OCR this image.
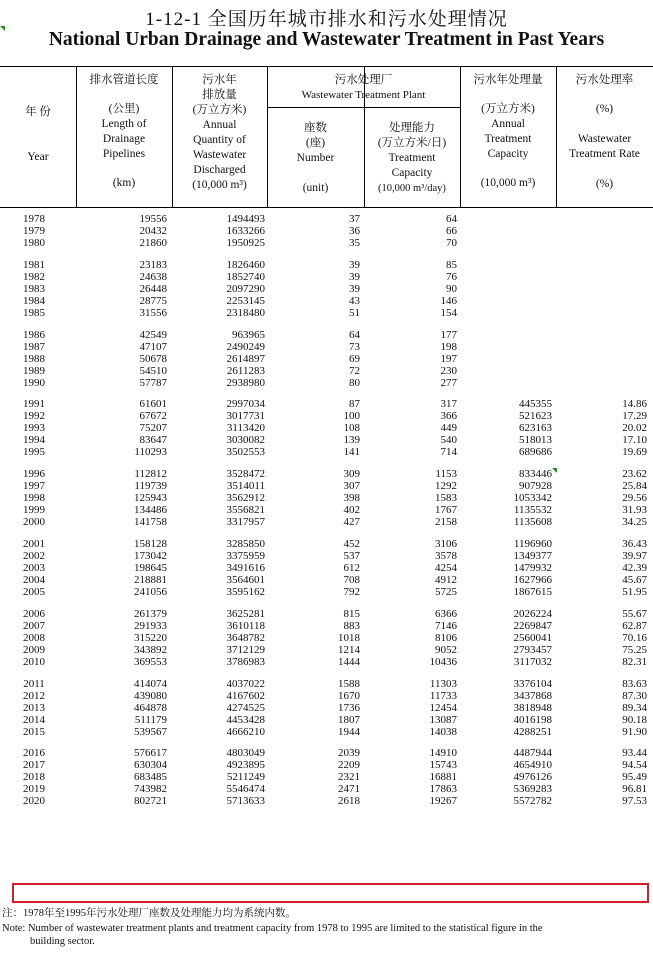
1-12-1 全国历年城市排水和污水处理情况
National Urban Drainage and Wastewater Treatment in Past Years
年 份
Year
排水管道长度
(公里)
Length of
Drainage
Pipelines
(km)
污水年
排放量
(万立方米)
Annual
Quantity of
Wastewater
Discharged
(10,000 m³)
污水处理厂
Wastewater Treatment Plant
座数
(座)
Number
(unit)
处理能力
(万立方米/日)
Treatment
Capacity
(10,000 m³/day)
污水年处理量
(万立方米)
Annual
Treatment
Capacity
(10,000 m³)
污水处理率
(%)
Wastewater
Treatment Rate
(%)
1978	19556	1494493	37	64
1979	20432	1633266	36	66
1980	21860	1950925	35	70
1981	23183	1826460	39	85
1982	24638	1852740	39	76
1983	26448	2097290	39	90
1984	28775	2253145	43	146
1985	31556	2318480	51	154
1986	42549	963965	64	177
1987	47107	2490249	73	198
1988	50678	2614897	69	197
1989	54510	2611283	72	230
1990	57787	2938980	80	277
1991	61601	2997034	87	317	445355	14.86
1992	67672	3017731	100	366	521623	17.29
1993	75207	3113420	108	449	623163	20.02
1994	83647	3030082	139	540	518013	17.10
1995	110293	3502553	141	714	689686	19.69
1996	112812	3528472	309	1153	833446	23.62
1997	119739	3514011	307	1292	907928	25.84
1998	125943	3562912	398	1583	1053342	29.56
1999	134486	3556821	402	1767	1135532	31.93
2000	141758	3317957	427	2158	1135608	34.25
2001	158128	3285850	452	3106	1196960	36.43
2002	173042	3375959	537	3578	1349377	39.97
2003	198645	3491616	612	4254	1479932	42.39
2004	218881	3564601	708	4912	1627966	45.67
2005	241056	3595162	792	5725	1867615	51.95
2006	261379	3625281	815	6366	2026224	55.67
2007	291933	3610118	883	7146	2269847	62.87
2008	315220	3648782	1018	8106	2560041	70.16
2009	343892	3712129	1214	9052	2793457	75.25
2010	369553	3786983	1444	10436	3117032	82.31
2011	414074	4037022	1588	11303	3376104	83.63
2012	439080	4167602	1670	11733	3437868	87.30
2013	464878	4274525	1736	12454	3818948	89.34
2014	511179	4453428	1807	13087	4016198	90.18
2015	539567	4666210	1944	14038	4288251	91.90
2016	576617	4803049	2039	14910	4487944	93.44
2017	630304	4923895	2209	15743	4654910	94.54
2018	683485	5211249	2321	16881	4976126	95.49
2019	743982	5546474	2471	17863	5369283	96.81
2020	802721	5713633	2618	19267	5572782	97.53
注：1978年至1995年污水处理厂座数及处理能力均为系统内数。
Note: Number of wastewater treatment plants and treatment capacity from 1978 to 1995 are limited to the statistical figure in the
building sector.
